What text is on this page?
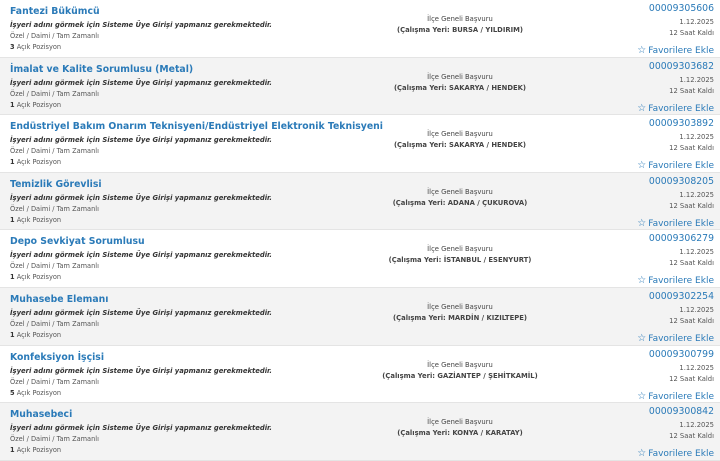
Fantezi Bükümcü
İşyeri adını görmek için Sisteme Üye Girişi yapmanız gerekmektedir.
Özel / Daimi / Tam Zamanlı
3 Açık Pozisyon
İlçe Geneli Başvuru
(Çalışma Yeri: BURSA / YILDIRIM)
00009305606
1.12.2025
12 Saat Kaldı
☆ Favorilere Ekle
İmalat ve Kalite Sorumlusu (Metal)
İşyeri adını görmek için Sisteme Üye Girişi yapmanız gerekmektedir.
Özel / Daimi / Tam Zamanlı
1 Açık Pozisyon
İlçe Geneli Başvuru
(Çalışma Yeri: SAKARYA / HENDEK)
00009303682
1.12.2025
12 Saat Kaldı
☆ Favorilere Ekle
Endüstriyel Bakım Onarım Teknisyeni/Endüstriyel Elektronik Teknisyeni
İşyeri adını görmek için Sisteme Üye Girişi yapmanız gerekmektedir.
Özel / Daimi / Tam Zamanlı
1 Açık Pozisyon
İlçe Geneli Başvuru
(Çalışma Yeri: SAKARYA / HENDEK)
00009303892
1.12.2025
12 Saat Kaldı
☆ Favorilere Ekle
Temizlik Görevlisi
İşyeri adını görmek için Sisteme Üye Girişi yapmanız gerekmektedir.
Özel / Daimi / Tam Zamanlı
1 Açık Pozisyon
İlçe Geneli Başvuru
(Çalışma Yeri: ADANA / ÇUKUROVA)
00009308205
1.12.2025
12 Saat Kaldı
☆ Favorilere Ekle
Depo Sevkiyat Sorumlusu
İşyeri adını görmek için Sisteme Üye Girişi yapmanız gerekmektedir.
Özel / Daimi / Tam Zamanlı
1 Açık Pozisyon
İlçe Geneli Başvuru
(Çalışma Yeri: İSTANBUL / ESENYURT)
00009306279
1.12.2025
12 Saat Kaldı
☆ Favorilere Ekle
Muhasebe Elemanı
İşyeri adını görmek için Sisteme Üye Girişi yapmanız gerekmektedir.
Özel / Daimi / Tam Zamanlı
1 Açık Pozisyon
İlçe Geneli Başvuru
(Çalışma Yeri: MARDİN / KIZILTEPE)
00009302254
1.12.2025
12 Saat Kaldı
☆ Favorilere Ekle
Konfeksiyon İşçisi
İşyeri adını görmek için Sisteme Üye Girişi yapmanız gerekmektedir.
Özel / Daimi / Tam Zamanlı
5 Açık Pozisyon
İlçe Geneli Başvuru
(Çalışma Yeri: GAZİANTEP / ŞEHİTKAMİL)
00009300799
1.12.2025
12 Saat Kaldı
☆ Favorilere Ekle
Muhasebeci
İşyeri adını görmek için Sisteme Üye Girişi yapmanız gerekmektedir.
Özel / Daimi / Tam Zamanlı
1 Açık Pozisyon
İlçe Geneli Başvuru
(Çalışma Yeri: KONYA / KARATAY)
00009300842
1.12.2025
12 Saat Kaldı
☆ Favorilere Ekle
